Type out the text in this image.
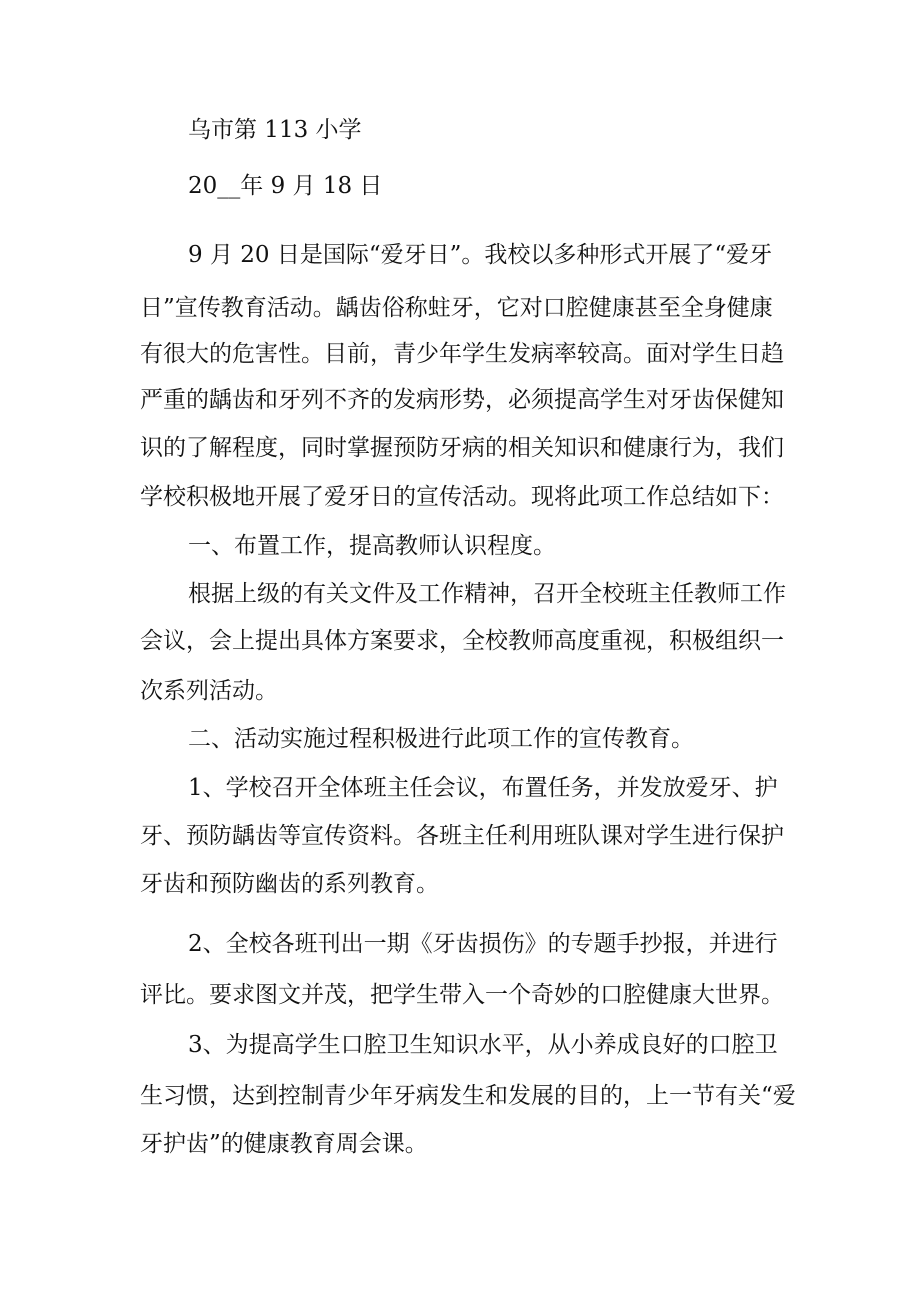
乌市第 113 小学

20__年 9 月 18 日

9 月 20 日是国际“爱牙日”。我校以多种形式开展了“爱牙

日”宣传教育活动。龋齿俗称蛀牙，它对口腔健康甚至全身健康

有很大的危害性。目前，青少年学生发病率较高。面对学生日趋

严重的龋齿和牙列不齐的发病形势，必须提高学生对牙齿保健知

识的了解程度，同时掌握预防牙病的相关知识和健康行为，我们

学校积极地开展了爱牙日的宣传活动。现将此项工作总结如下：

一、布置工作，提高教师认识程度。

根据上级的有关文件及工作精神，召开全校班主任教师工作

会议，会上提出具体方案要求，全校教师高度重视，积极组织一

次系列活动。

二、活动实施过程积极进行此项工作的宣传教育。

1、学校召开全体班主任会议，布置任务，并发放爱牙、护

牙、预防龋齿等宣传资料。各班主任利用班队课对学生进行保护

牙齿和预防幽齿的系列教育。

2、全校各班刊出一期《牙齿损伤》的专题手抄报，并进行

评比。要求图文并茂，把学生带入一个奇妙的口腔健康大世界。

3、为提高学生口腔卫生知识水平，从小养成良好的口腔卫

生习惯，达到控制青少年牙病发生和发展的目的，上一节有关“爱

牙护齿”的健康教育周会课。
